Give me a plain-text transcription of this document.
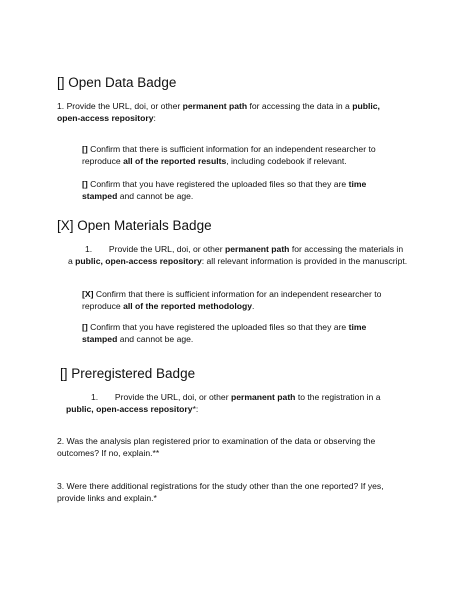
[] Open Data Badge
1. Provide the URL, doi, or other permanent path for accessing the data in a public, open-access repository:
[] Confirm that there is sufficient information for an independent researcher to reproduce all of the reported results, including codebook if relevant.
[] Confirm that you have registered the uploaded files so that they are time stamped and cannot be age.
[X] Open Materials Badge
1. Provide the URL, doi, or other permanent path for accessing the materials in a public, open-access repository: all relevant information is provided in the manuscript.
[X] Confirm that there is sufficient information for an independent researcher to reproduce all of the reported methodology.
[] Confirm that you have registered the uploaded files so that they are time stamped and cannot be age.
[] Preregistered Badge
1. Provide the URL, doi, or other permanent path to the registration in a public, open-access repository*:
2. Was the analysis plan registered prior to examination of the data or observing the outcomes? If no, explain.**
3. Were there additional registrations for the study other than the one reported? If yes, provide links and explain.*
